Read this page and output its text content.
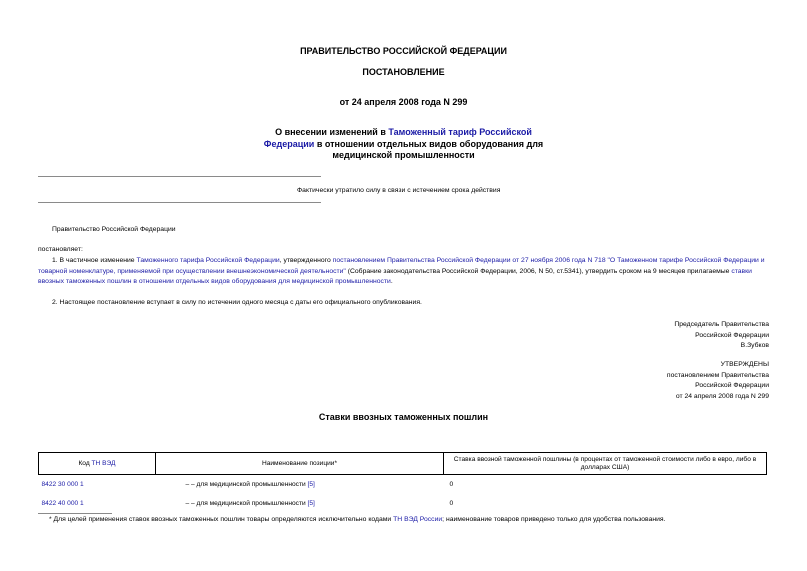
ПРАВИТЕЛЬСТВО РОССИЙСКОЙ ФЕДЕРАЦИИ
ПОСТАНОВЛЕНИЕ
от 24 апреля 2008 года N 299
О внесении изменений в Таможенный тариф Российской Федерации в отношении отдельных видов оборудования для медицинской промышленности
Фактически утратило силу в связи с истечением срока действия
Правительство Российской Федерации
постановляет:
1. В частичное изменение Таможенного тарифа Российской Федерации, утвержденного постановлением Правительства Российской Федерации от 27 ноября 2006 года N 718 "О Таможенном тарифе Российской Федерации и товарной номенклатуре, применяемой при осуществлении внешнеэкономической деятельности" (Собрание законодательства Российской Федерации, 2006, N 50, ст.5341), утвердить сроком на 9 месяцев прилагаемые ставки ввозных таможенных пошлин в отношении отдельных видов оборудования для медицинской промышленности.
2. Настоящее постановление вступает в силу по истечении одного месяца с даты его официального опубликования.
Председатель Правительства
Российской Федерации
В.Зубков
УТВЕРЖДЕНЫ
постановлением Правительства
Российской Федерации
от 24 апреля 2008 года N 299
Ставки ввозных таможенных пошлин
Код ТН ВЭД	Наименование позиции*	Ставка ввозной таможенной пошлины (в процентах от таможенной стоимости либо в евро, либо в долларах США)
8422 30 000 1	– – для медицинской промышленности [5]	0
8422 40 000 1	– – для медицинской промышленности [5]	0
* Для целей применения ставок ввозных таможенных пошлин товары определяются исключительно кодами ТН ВЭД России; наименование товаров приведено только для удобства пользования.
